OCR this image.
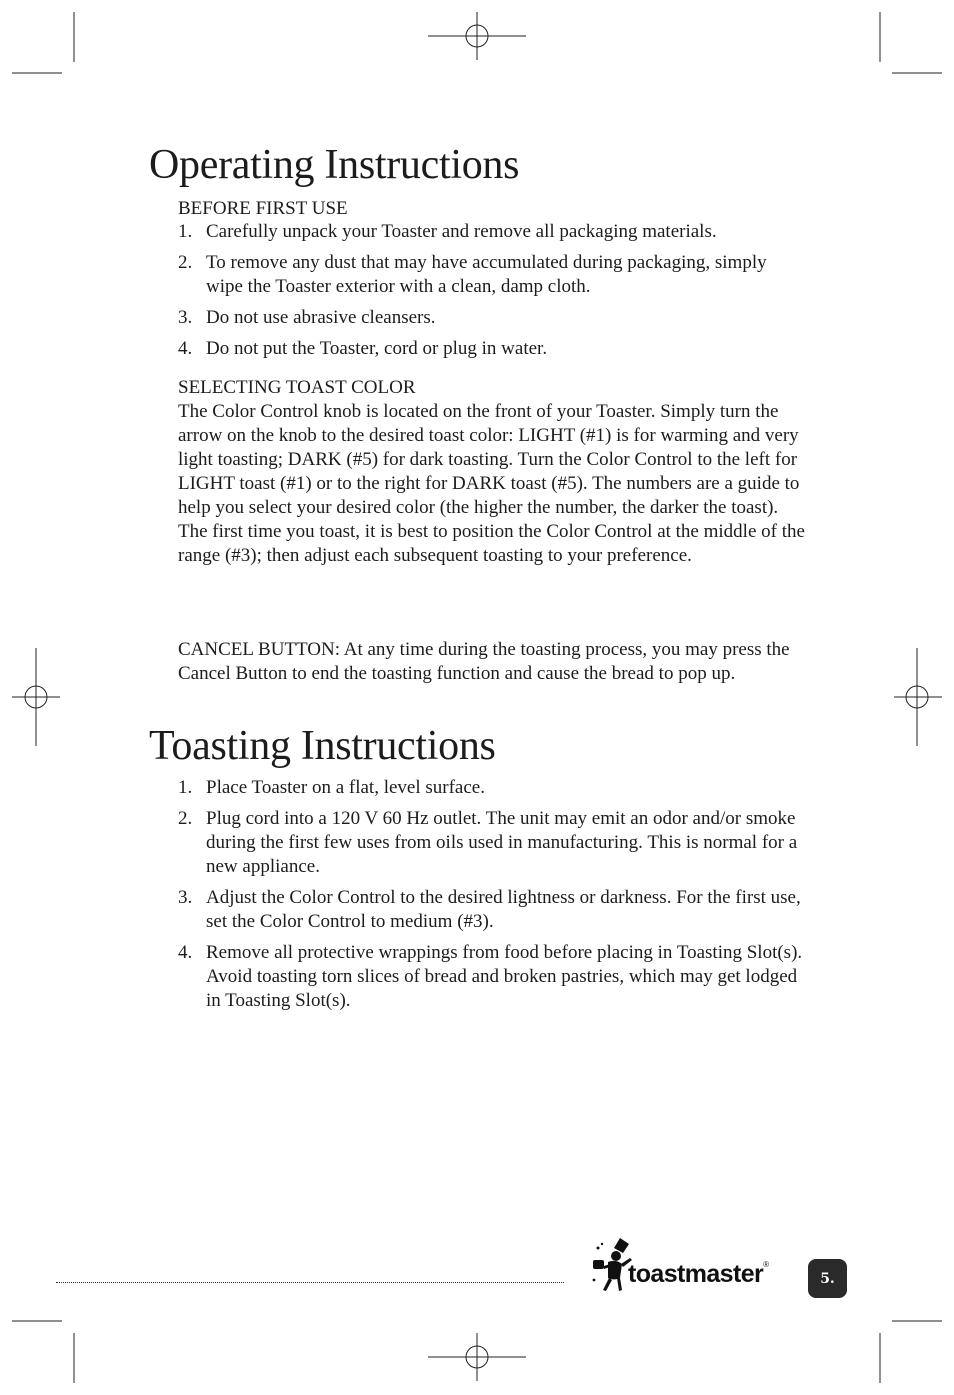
Operating Instructions

BEFORE FIRST USE

1. Carefully unpack your Toaster and remove all packaging materials.
2. To remove any dust that may have accumulated during packaging, simply wipe the Toaster exterior with a clean, damp cloth.
3. Do not use abrasive cleansers.
4. Do not put the Toaster, cord or plug in water.

SELECTING TOAST COLOR

The Color Control knob is located on the front of your Toaster. Simply turn the arrow on the knob to the desired toast color: LIGHT (#1) is for warming and very light toasting; DARK (#5) for dark toasting. Turn the Color Control to the left for LIGHT toast (#1) or to the right for DARK toast (#5). The numbers are a guide to help you select your desired color (the higher the number, the darker the toast). The first time you toast, it is best to position the Color Control at the middle of the range (#3); then adjust each subsequent toasting to your preference.

CANCEL BUTTON: At any time during the toasting process, you may press the Cancel Button to end the toasting function and cause the bread to pop up.

Toasting Instructions
1. Place Toaster on a flat, level surface.
2. Plug cord into a 120 V 60 Hz outlet. The unit may emit an odor and/or smoke during the first few uses from oils used in manufacturing. This is normal for a new appliance.
3. Adjust the Color Control to the desired lightness or darkness. For the first use, set the Color Control to medium (#3).
4. Remove all protective wrappings from food before placing in Toasting Slot(s). Avoid toasting torn slices of bread and broken pastries, which may get lodged in Toasting Slot(s).
toastmaster®
5.
